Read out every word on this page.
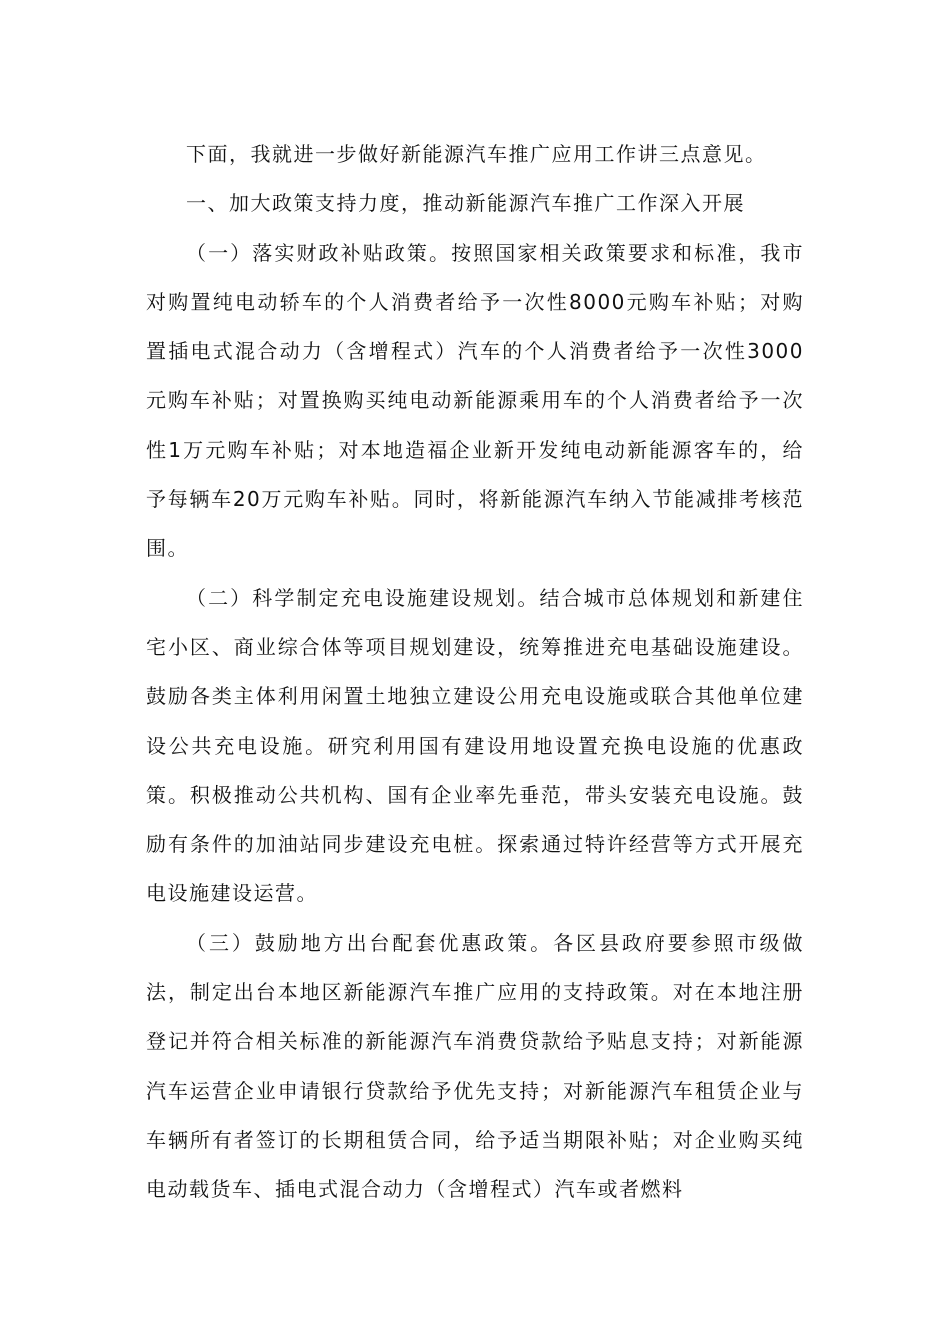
下面，我就进一步做好新能源汽车推广应用工作讲三点意见。

一、加大政策支持力度，推动新能源汽车推广工作深入开展

（一）落实财政补贴政策。按照国家相关政策要求和标准，我市对购置纯电动轿车的个人消费者给予一次性8000元购车补贴；对购置插电式混合动力（含增程式）汽车的个人消费者给予一次性3000元购车补贴；对置换购买纯电动新能源乘用车的个人消费者给予一次性1万元购车补贴；对本地造福企业新开发纯电动新能源客车的，给予每辆车20万元购车补贴。同时，将新能源汽车纳入节能减排考核范围。

（二）科学制定充电设施建设规划。结合城市总体规划和新建住宅小区、商业综合体等项目规划建设，统筹推进充电基础设施建设。鼓励各类主体利用闲置土地独立建设公用充电设施或联合其他单位建设公共充电设施。研究利用国有建设用地设置充换电设施的优惠政策。积极推动公共机构、国有企业率先垂范，带头安装充电设施。鼓励有条件的加油站同步建设充电桩。探索通过特许经营等方式开展充电设施建设运营。

（三）鼓励地方出台配套优惠政策。各区县政府要参照市级做法，制定出台本地区新能源汽车推广应用的支持政策。对在本地注册登记并符合相关标准的新能源汽车消费贷款给予贴息支持；对新能源汽车运营企业申请银行贷款给予优先支持；对新能源汽车租赁企业与车辆所有者签订的长期租赁合同，给予适当期限补贴；对企业购买纯电动载货车、插电式混合动力（含增程式）汽车或者燃料
